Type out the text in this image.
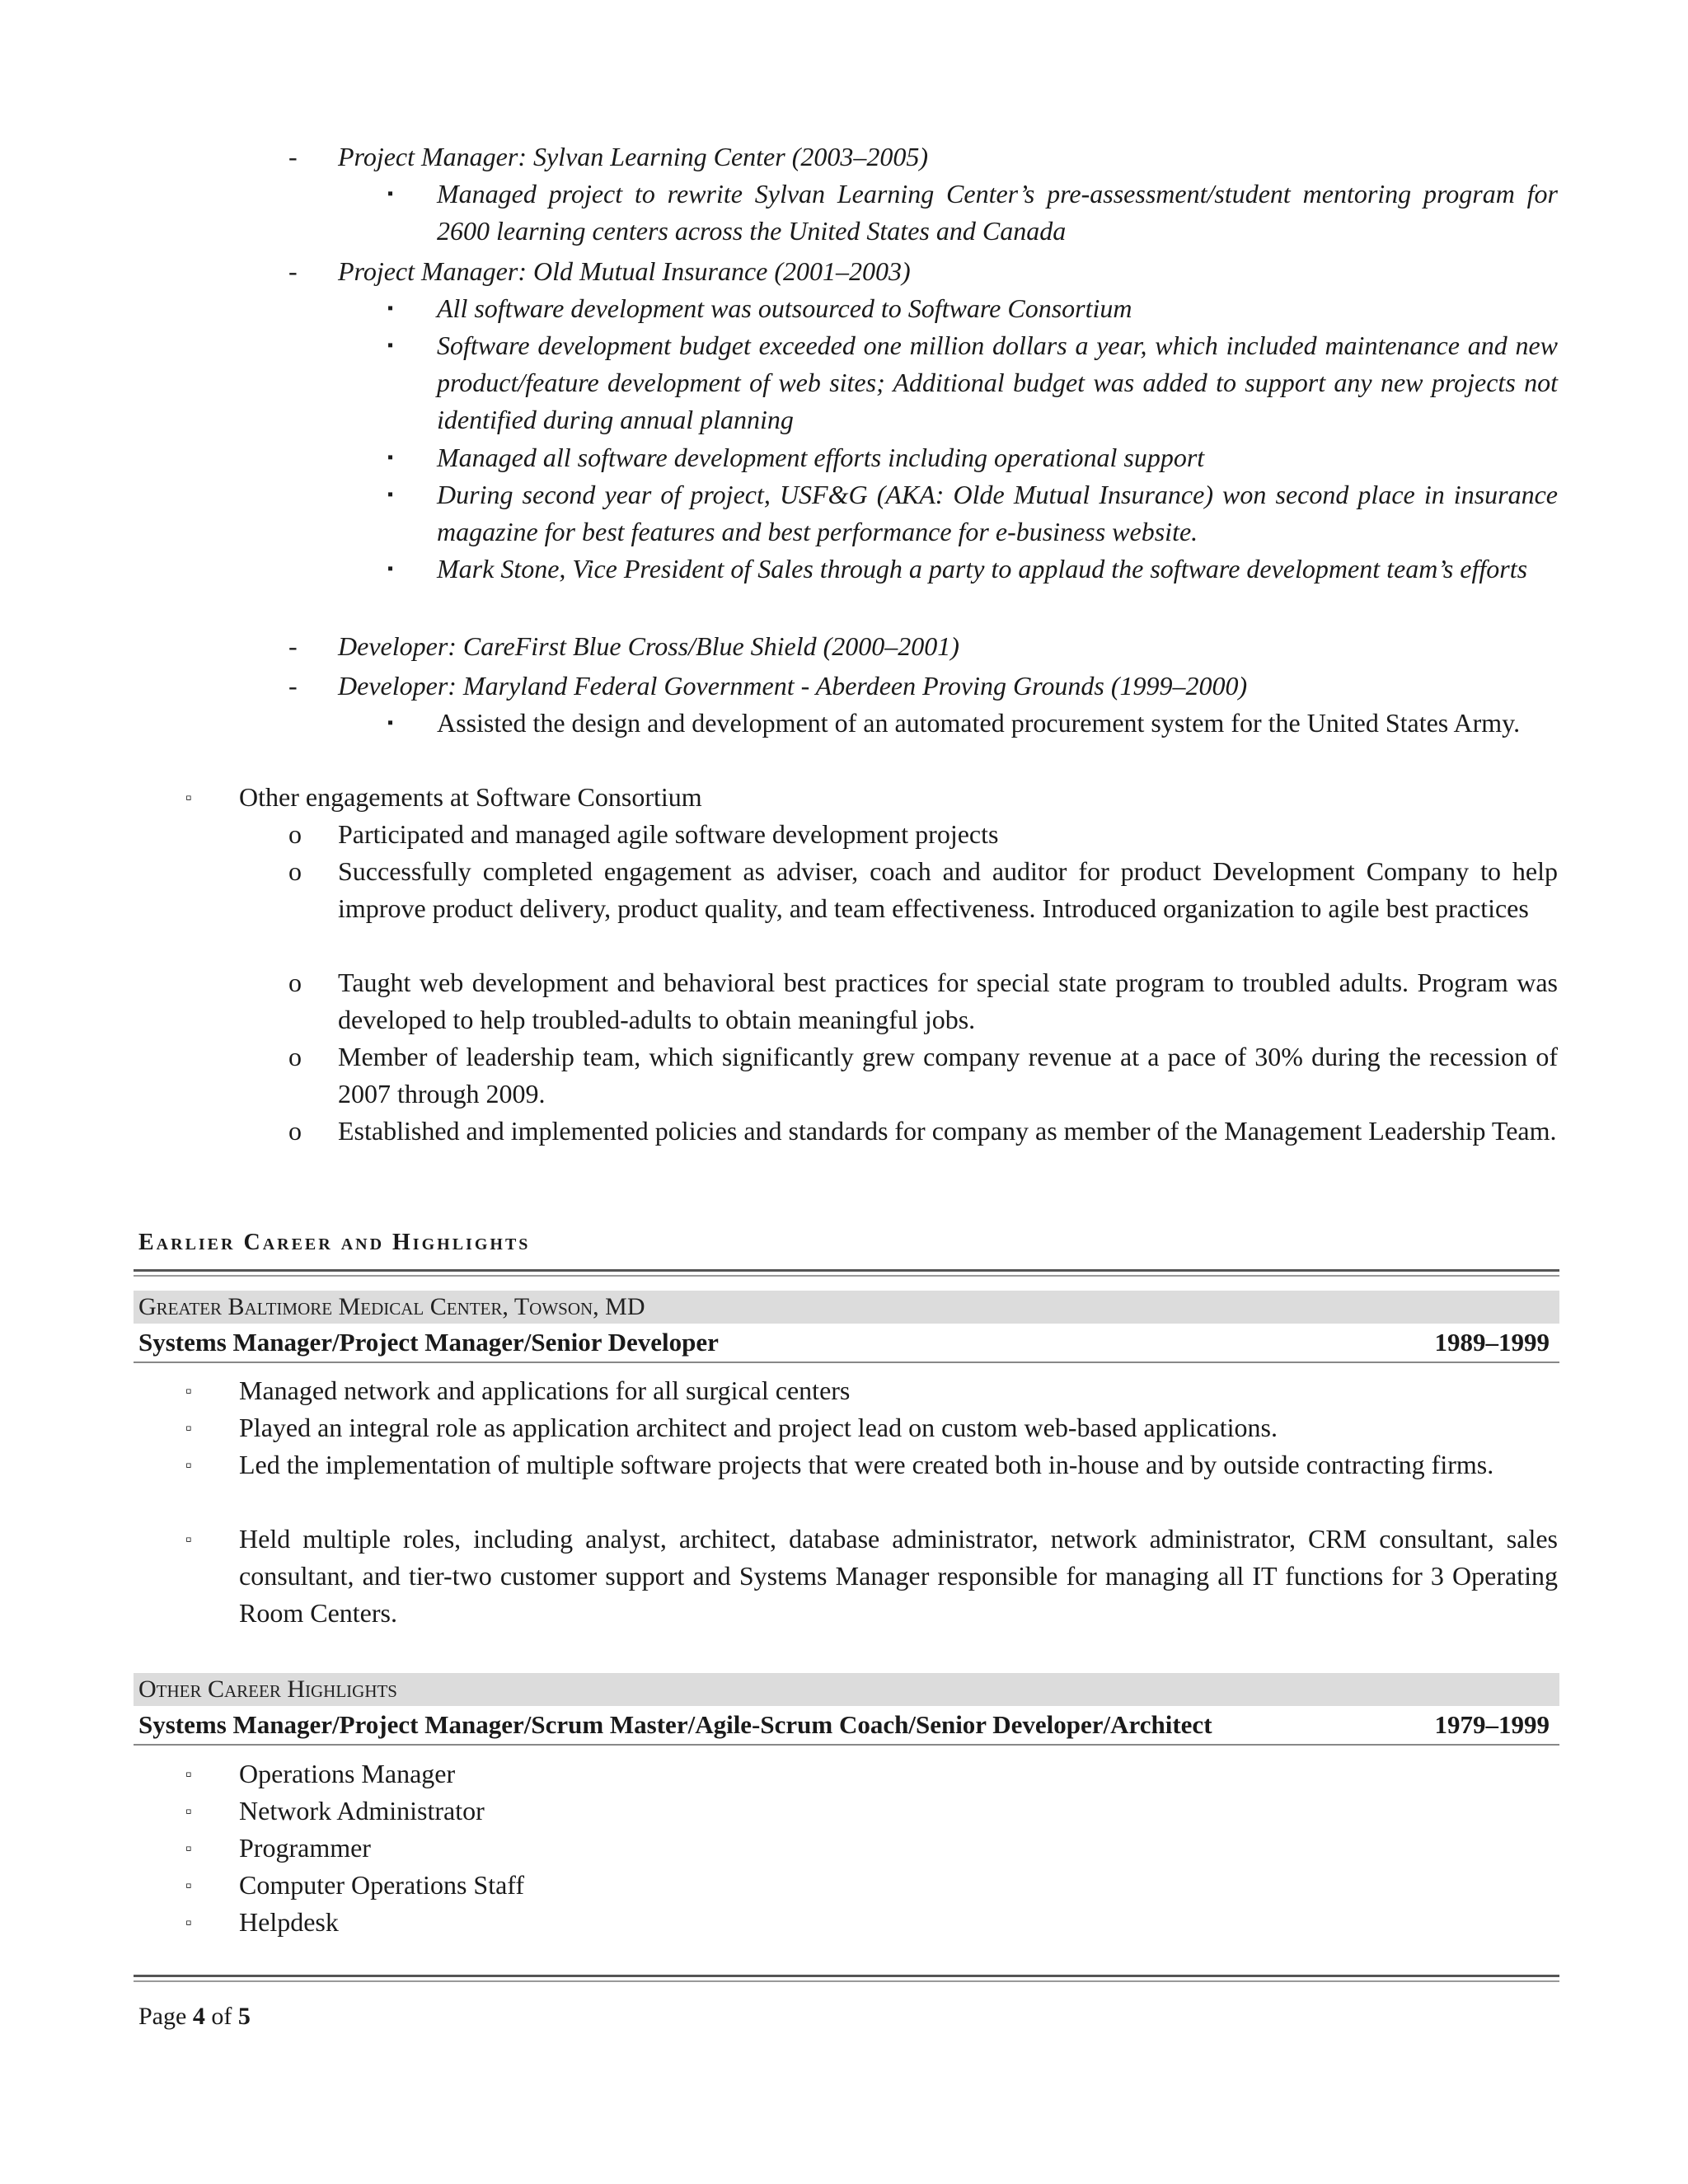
- Project Manager: Sylvan Learning Center (2003–2005)
▪ Managed project to rewrite Sylvan Learning Center’s pre-assessment/student mentoring program for 2600 learning centers across the United States and Canada
- Project Manager: Old Mutual Insurance (2001–2003)
▪ All software development was outsourced to Software Consortium
▪ Software development budget exceeded one million dollars a year, which included maintenance and new product/feature development of web sites; Additional budget was added to support any new projects not identified during annual planning
▪ Managed all software development efforts including operational support
▪ During second year of project, USF&G (AKA: Olde Mutual Insurance) won second place in insurance magazine for best features and best performance for e-business website.
▪ Mark Stone, Vice President of Sales through a party to applaud the software development team’s efforts
- Developer: CareFirst Blue Cross/Blue Shield (2000–2001)
- Developer: Maryland Federal Government - Aberdeen Proving Grounds (1999–2000)
▪ Assisted the design and development of an automated procurement system for the United States Army.
▫ Other engagements at Software Consortium
o Participated and managed agile software development projects
o Successfully completed engagement as adviser, coach and auditor for product Development Company to help improve product delivery, product quality, and team effectiveness. Introduced organization to agile best practices
o Taught web development and behavioral best practices for special state program to troubled adults. Program was developed to help troubled-adults to obtain meaningful jobs.
o Member of leadership team, which significantly grew company revenue at a pace of 30% during the recession of 2007 through 2009.
o Established and implemented policies and standards for company as member of the Management Leadership Team.
Earlier Career and Highlights
Greater Baltimore Medical Center, Towson, MD
Systems Manager/Project Manager/Senior Developer	1989–1999
▫ Managed network and applications for all surgical centers
▫ Played an integral role as application architect and project lead on custom web-based applications.
▫ Led the implementation of multiple software projects that were created both in-house and by outside contracting firms.
▫ Held multiple roles, including analyst, architect, database administrator, network administrator, CRM consultant, sales consultant, and tier-two customer support and Systems Manager responsible for managing all IT functions for 3 Operating Room Centers.
Other Career Highlights
Systems Manager/Project Manager/Scrum Master/Agile-Scrum Coach/Senior Developer/Architect	1979–1999
▫ Operations Manager
▫ Network Administrator
▫ Programmer
▫ Computer Operations Staff
▫ Helpdesk
Page 4 of 5
